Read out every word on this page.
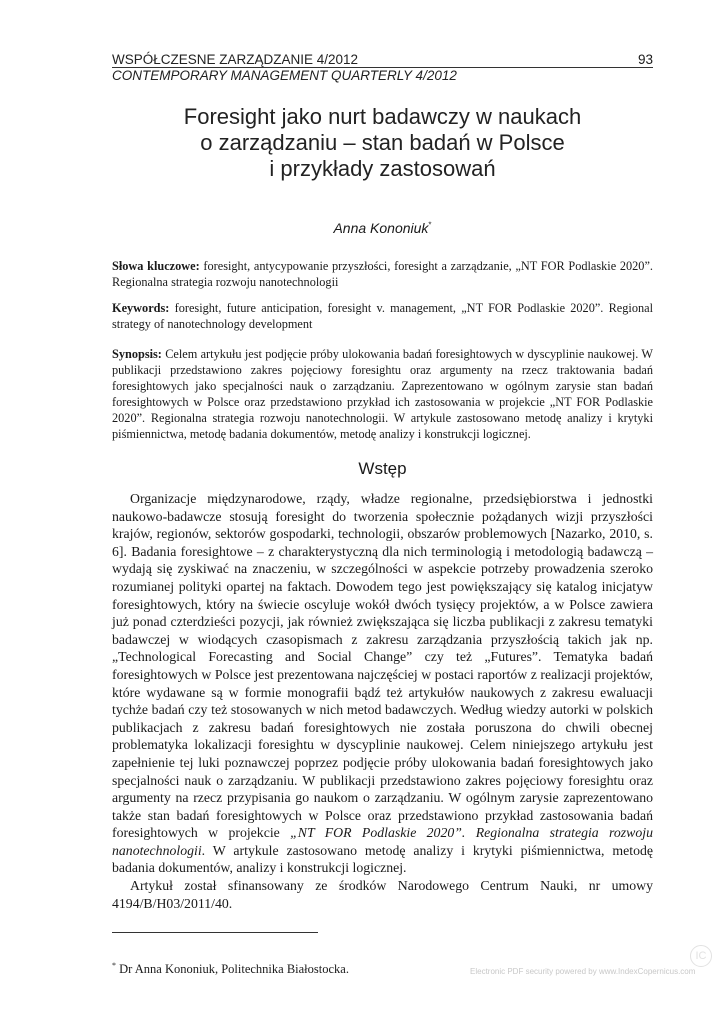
WSPÓŁCZESNE ZARZĄDZANIE 4/2012	93
CONTEMPORARY MANAGEMENT QUARTERLY 4/2012
Foresight jako nurt badawczy w naukach
o zarządzaniu – stan badań w Polsce
i przykłady zastosowań
Anna Kononiuk*
Słowa kluczowe: foresight, antycypowanie przyszłości, foresight a zarządzanie, „NT FOR Podlaskie 2020”. Regionalna strategia rozwoju nanotechnologii
Keywords: foresight, future anticipation, foresight v. management, „NT FOR Podlaskie 2020”. Regional strategy of nanotechnology development
Synopsis: Celem artykułu jest podjęcie próby ulokowania badań foresightowych w dyscyplinie naukowej. W publikacji przedstawiono zakres pojęciowy foresightu oraz argumenty na rzecz traktowania badań foresightowych jako specjalności nauk o zarządzaniu. Zaprezentowano w ogólnym zarysie stan badań foresightowych w Polsce oraz przedstawiono przykład ich zastosowania w projekcie „NT FOR Podlaskie 2020”. Regionalna strategia rozwoju nanotechnologii. W artykule zastosowano metodę analizy i krytyki piśmiennictwa, metodę badania dokumentów, metodę analizy i konstrukcji logicznej.
Wstęp

Organizacje międzynarodowe, rządy, władze regionalne, przedsiębiorstwa i jednostki naukowo-badawcze stosują foresight do tworzenia społecznie pożądanych wizji przyszłości krajów, regionów, sektorów gospodarki, technologii, obszarów problemowych [Nazarko, 2010, s. 6]. Badania foresightowe – z charakterystyczną dla nich terminologią i metodologią badawczą – wydają się zyskiwać na znaczeniu, w szczególności w aspekcie potrzeby prowadzenia szeroko rozumianej polityki opartej na faktach. Dowodem tego jest powiększający się katalog inicjatyw foresightowych, który na świecie oscyluje wokół dwóch tysięcy projektów, a w Polsce zawiera już ponad czterdzieści pozycji, jak również zwiększająca się liczba publikacji z zakresu tematyki badawczej w wiodących czasopismach z zakresu zarządzania przyszłością takich jak np. „Technological Forecasting and Social Change” czy też „Futures”. Tematyka badań foresightowych w Polsce jest prezentowana najczęściej w postaci raportów z realizacji projektów, które wydawane są w formie monografii bądź też artykułów naukowych z zakresu ewaluacji tychże badań czy też stosowanych w nich metod badawczych. Według wiedzy autorki w polskich publikacjach z zakresu badań foresightowych nie została poruszona do chwili obecnej problematyka lokalizacji foresightu w dyscyplinie naukowej. Celem niniejszego artykułu jest zapełnienie tej luki poznawczej poprzez podjęcie próby ulokowania badań foresightowych jako specjalności nauk o zarządzaniu. W publikacji przedstawiono zakres pojęciowy foresightu oraz argumenty na rzecz przypisania go naukom o zarządzaniu. W ogólnym zarysie zaprezentowano także stan badań foresightowych w Polsce oraz przedstawiono przykład zastosowania badań foresightowych w projekcie „NT FOR Podlaskie 2020”. Regionalna strategia rozwoju nanotechnologii. W artykule zastosowano metodę analizy i krytyki piśmiennictwa, metodę badania dokumentów, analizy i konstrukcji logicznej.

Artykuł został sfinansowany ze środków Narodowego Centrum Nauki, nr umowy 4194/B/H03/2011/40.

* Dr Anna Kononiuk, Politechnika Białostocka.
IC
Electronic PDF security powered by www.IndexCopernicus.com
